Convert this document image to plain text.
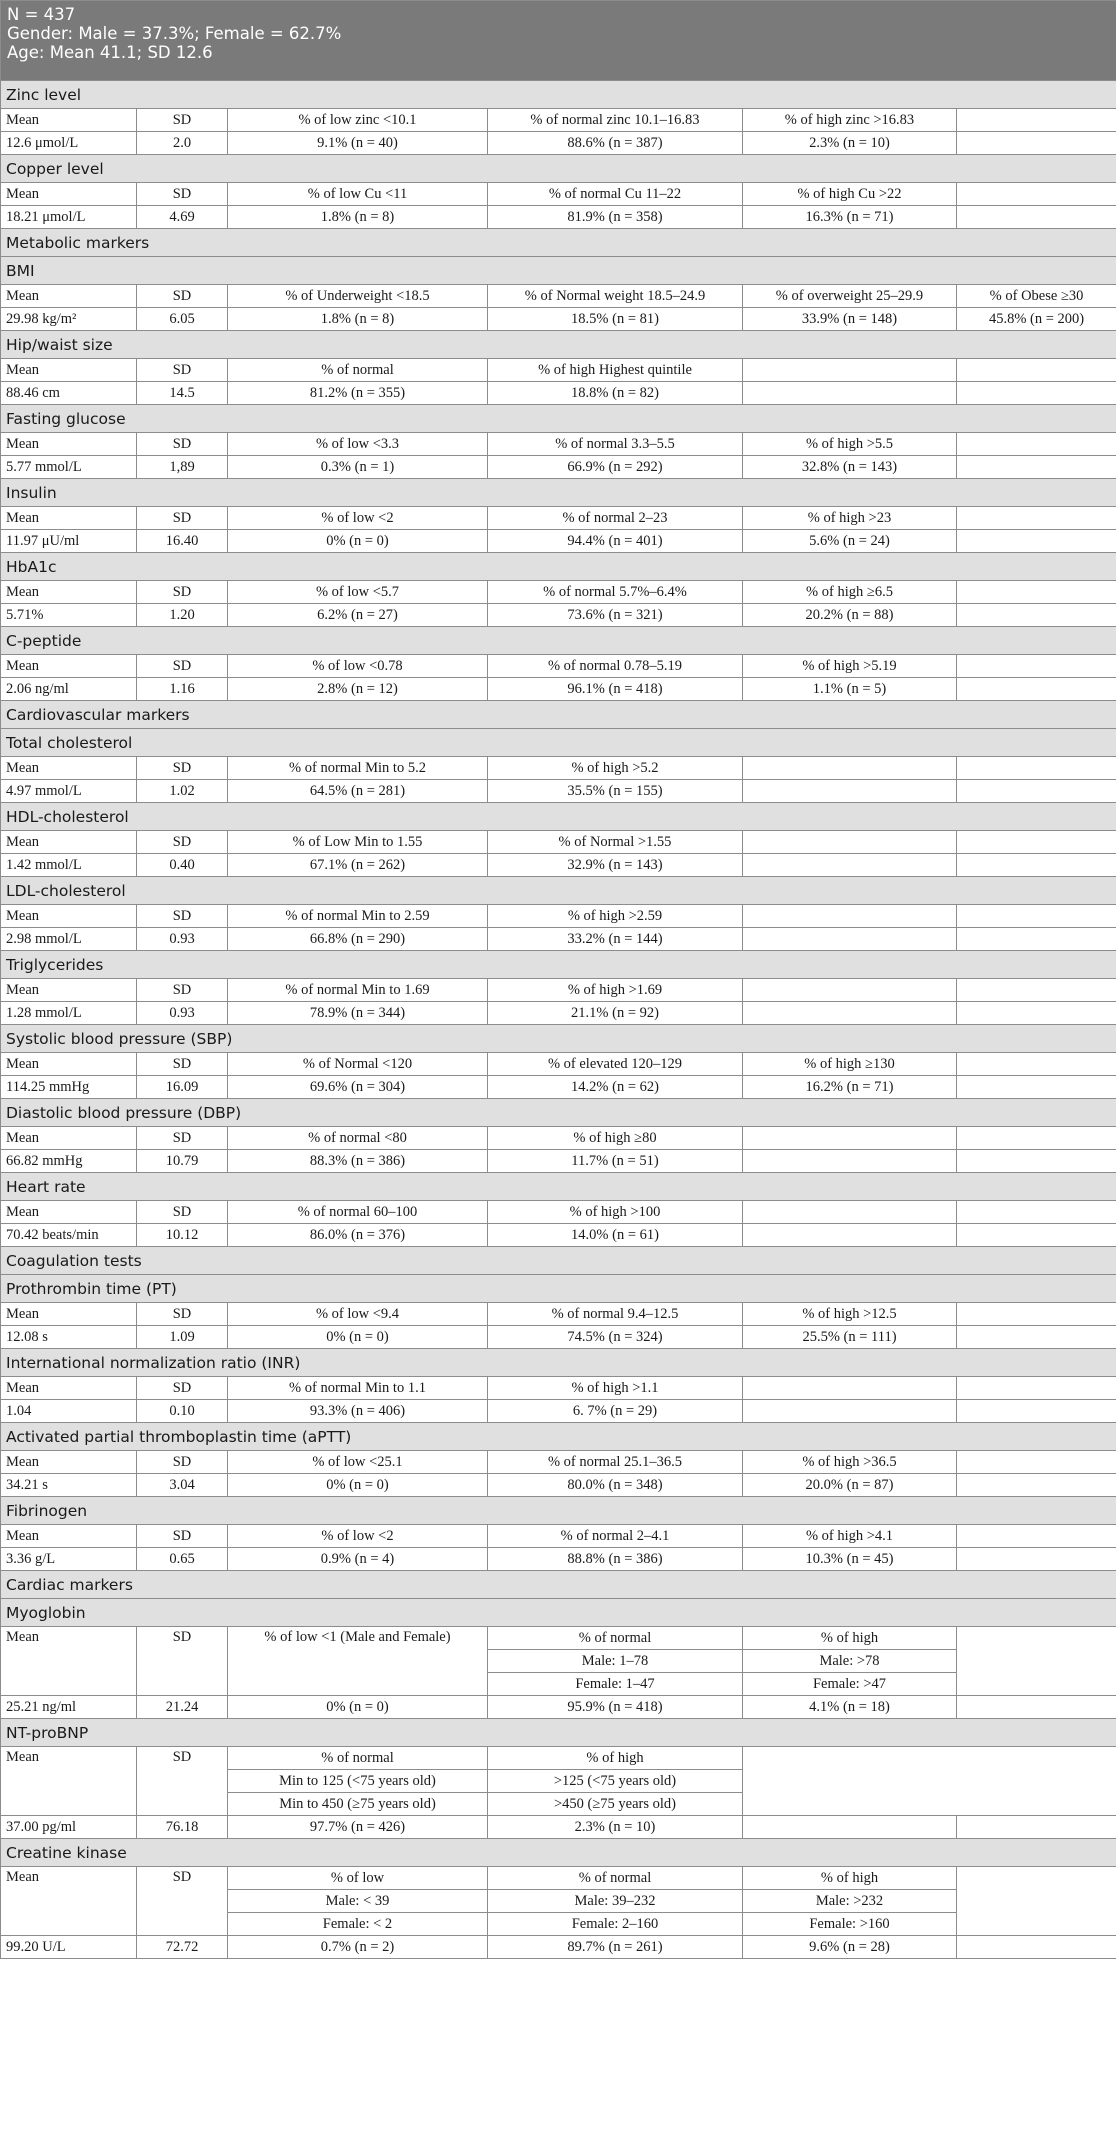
N = 437
Gender: Male = 37.3%; Female = 62.7%
Age: Mean 41.1; SD 12.6					

Zinc level					
Mean	SD	% of low zinc <10.1	% of normal zinc 10.1–16.83	% of high zinc >16.83	
12.6 μmol/L	2.0	9.1% (n = 40)	88.6% (n = 387)	2.3% (n = 10)	
Copper level					
Mean	SD	% of low Cu <11	% of normal Cu 11–22	% of high Cu >22	
18.21 μmol/L	4.69	1.8% (n = 8)	81.9% (n = 358)	16.3% (n = 71)	
Metabolic markers					
BMI					
Mean	SD	% of Underweight <18.5	% of Normal weight 18.5–24.9	% of overweight 25–29.9	% of Obese ≥30
29.98 kg/m²	6.05	1.8% (n = 8)	18.5% (n = 81)	33.9% (n = 148)	45.8% (n = 200)
Hip/waist size					
Mean	SD	% of normal	% of high Highest quintile		
88.46 cm	14.5	81.2% (n = 355)	18.8% (n = 82)		
Fasting glucose					
Mean	SD	% of low <3.3	% of normal 3.3–5.5	% of high >5.5	
5.77 mmol/L	1,89	0.3% (n = 1)	66.9% (n = 292)	32.8% (n = 143)	
Insulin					
Mean	SD	% of low <2	% of normal 2–23	% of high >23	
11.97 μU/ml	16.40	0% (n = 0)	94.4% (n = 401)	5.6% (n = 24)	
HbA1c					
Mean	SD	% of low <5.7	% of normal 5.7%–6.4%	% of high ≥6.5	
5.71%	1.20	6.2% (n = 27)	73.6% (n = 321)	20.2% (n = 88)	
C-peptide					
Mean	SD	% of low <0.78	% of normal 0.78–5.19	% of high >5.19	
2.06 ng/ml	1.16	2.8% (n = 12)	96.1% (n = 418)	1.1% (n = 5)	
Cardiovascular markers					
Total cholesterol					
Mean	SD	% of normal Min to 5.2	% of high >5.2		
4.97 mmol/L	1.02	64.5% (n = 281)	35.5% (n = 155)		
HDL-cholesterol					
Mean	SD	% of Low Min to 1.55	% of Normal >1.55		
1.42 mmol/L	0.40	67.1% (n = 262)	32.9% (n = 143)		
LDL-cholesterol					
Mean	SD	% of normal Min to 2.59	% of high >2.59		
2.98 mmol/L	0.93	66.8% (n = 290)	33.2% (n = 144)		
Triglycerides					
Mean	SD	% of normal Min to 1.69	% of high >1.69		
1.28 mmol/L	0.93	78.9% (n = 344)	21.1% (n = 92)		
Systolic blood pressure (SBP)					
Mean	SD	% of Normal <120	% of elevated 120–129	% of high ≥130	
114.25 mmHg	16.09	69.6% (n = 304)	14.2% (n = 62)	16.2% (n = 71)	
Diastolic blood pressure (DBP)					
Mean	SD	% of normal <80	% of high ≥80		
66.82 mmHg	10.79	88.3% (n = 386)	11.7% (n = 51)		
Heart rate					
Mean	SD	% of normal 60–100	% of high >100		
70.42 beats/min	10.12	86.0% (n = 376)	14.0% (n = 61)		
Coagulation tests					
Prothrombin time (PT)					
Mean	SD	% of low <9.4	% of normal 9.4–12.5	% of high >12.5	
12.08 s	1.09	0% (n = 0)	74.5% (n = 324)	25.5% (n = 111)	
International normalization ratio (INR)					
Mean	SD	% of normal Min to 1.1	% of high >1.1		
1.04	0.10	93.3% (n = 406)	6. 7% (n = 29)		
Activated partial thromboplastin time (aPTT)					
Mean	SD	% of low <25.1	% of normal 25.1–36.5	% of high >36.5	
34.21 s	3.04	0% (n = 0)	80.0% (n = 348)	20.0% (n = 87)	
Fibrinogen					
Mean	SD	% of low <2	% of normal 2–4.1	% of high >4.1	
3.36 g/L	0.65	0.9% (n = 4)	88.8% (n = 386)	10.3% (n = 45)	
Cardiac markers					
Myoglobin					
Mean	SD	% of low <1 (Male and Female)	% of normal	% of high	
			Male: 1–78	Male: >78	
			Female: 1–47	Female: >47	
25.21 ng/ml	21.24	0% (n = 0)	95.9% (n = 418)	4.1% (n = 18)	
NT-proBNP					
Mean	SD	% of normal	% of high		
		Min to 125 (<75 years old)	>125 (<75 years old)		
		Min to 450 (≥75 years old)	>450 (≥75 years old)		
37.00 pg/ml	76.18	97.7% (n = 426)	2.3% (n = 10)		
Creatine kinase					
Mean	SD	% of low	% of normal	% of high	
		Male: < 39	Male: 39–232	Male: >232	
		Female: < 2	Female: 2–160	Female: >160	
99.20 U/L	72.72	0.7% (n = 2)	89.7% (n = 261)	9.6% (n = 28)	
